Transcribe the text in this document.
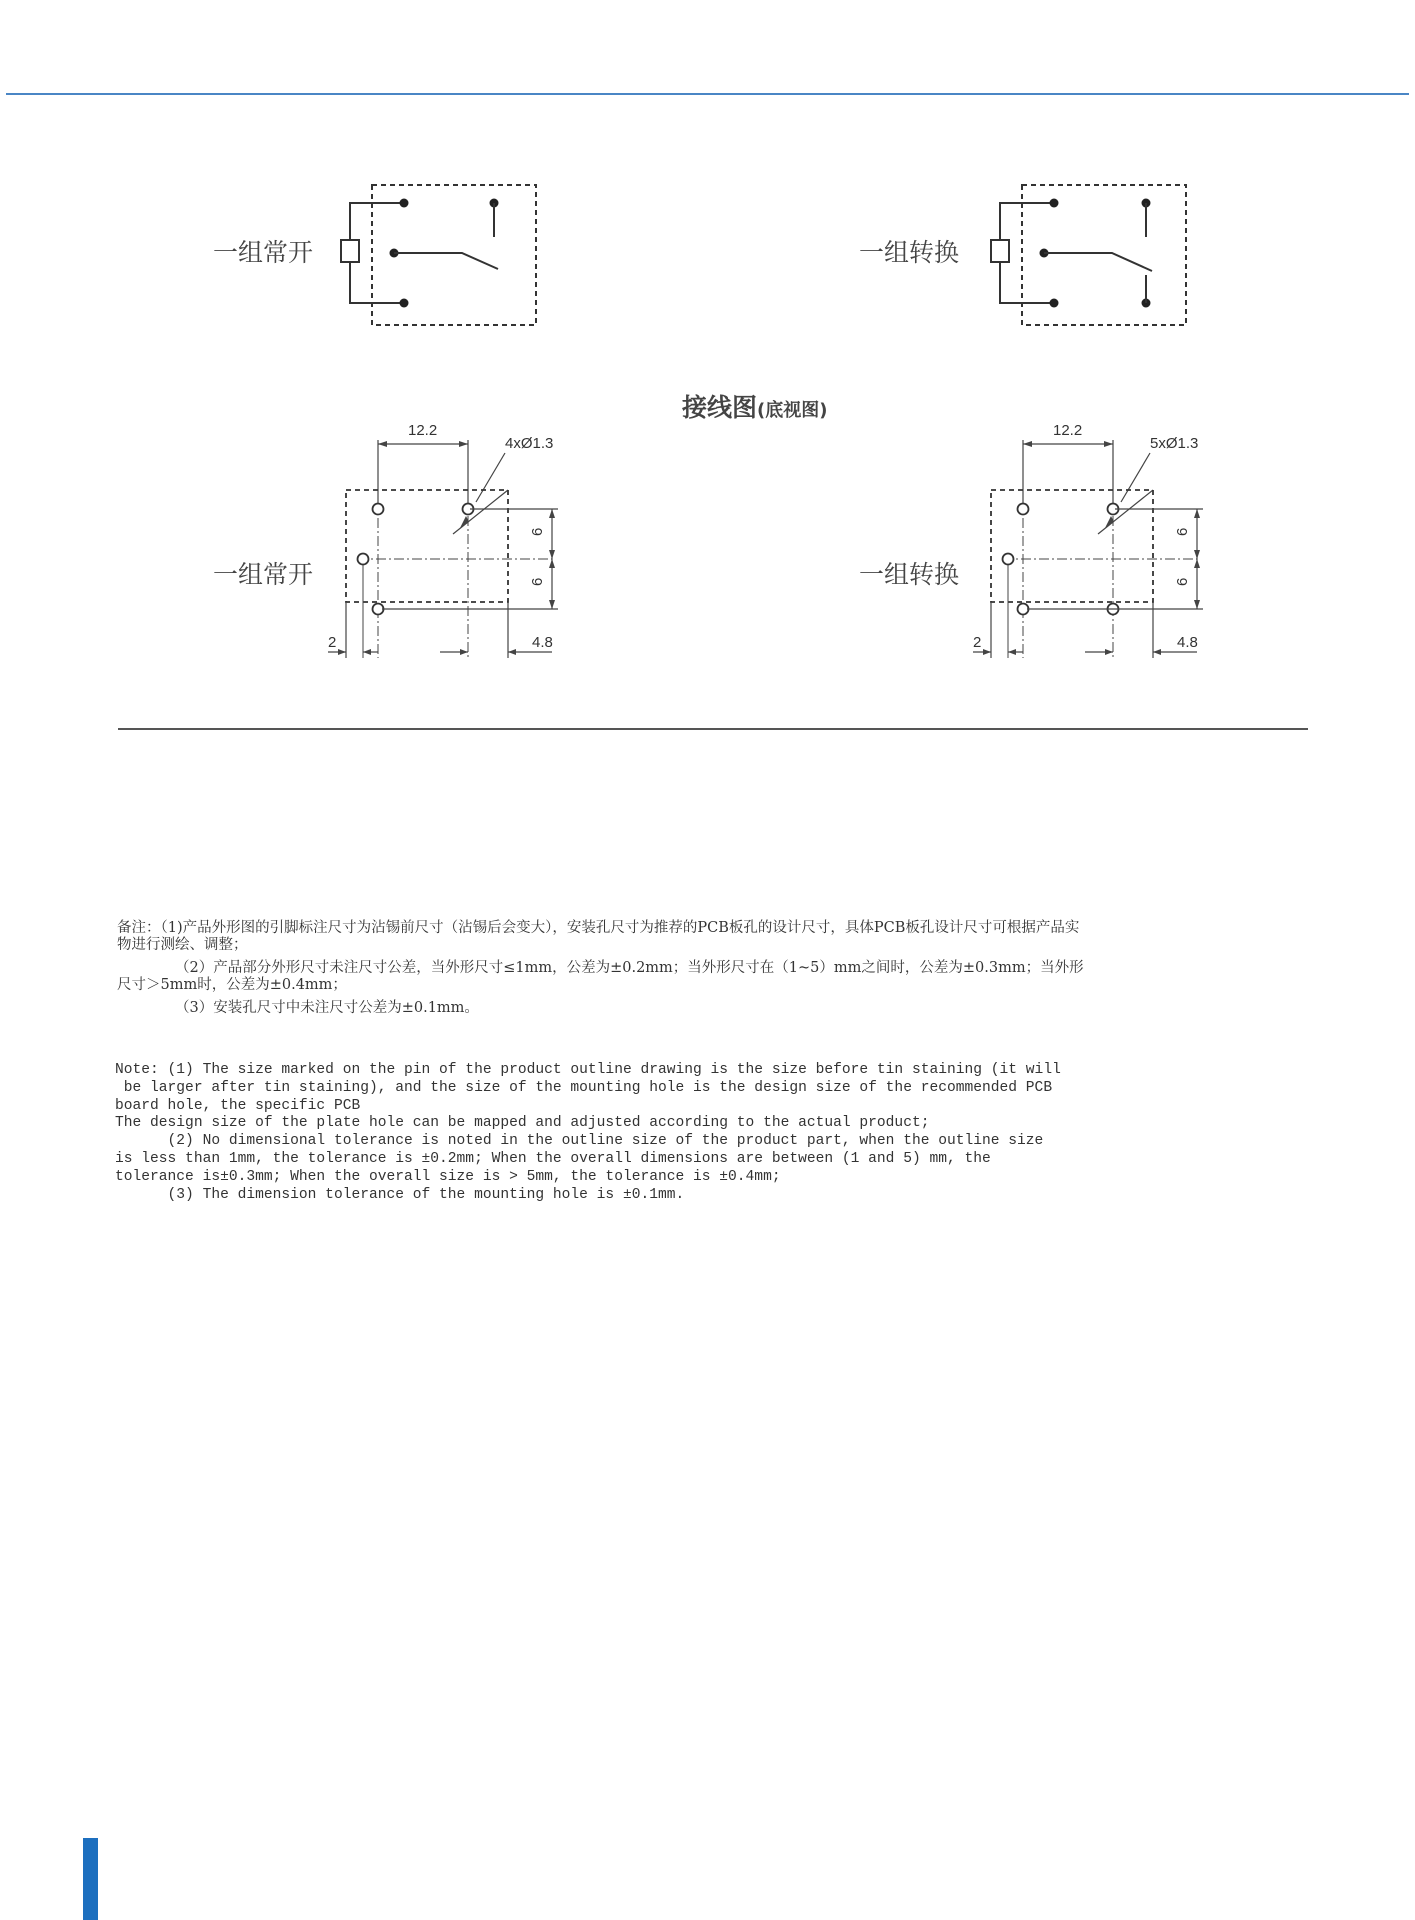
一组常开	一组转换
接线图(底视图)
一组常开
12.2
4xØ1.3
6
6
2	4.8
一组转换
12.2
5xØ1.3
6
6
2	4.8

备注：（1)产品外形图的引脚标注尺寸为沾锡前尺寸（沾锡后会变大），安装孔尺寸为推荐的PCB板孔的设计尺寸，具体PCB板孔设计尺寸可根据产品实物进行测绘、调整；

（2）产品部分外形尺寸未注尺寸公差，当外形尺寸≤1mm，公差为±0.2mm；当外形尺寸在（1~5）mm之间时，公差为±0.3mm；当外形尺寸＞5mm时，公差为±0.4mm；

（3）安装孔尺寸中未注尺寸公差为±0.1mm。

Note: (1) The size marked on the pin of the product outline drawing is the size before tin staining (it will
be larger after tin staining), and the size of the mounting hole is the design size of the recommended PCB
board hole, the specific PCB
The design size of the plate hole can be mapped and adjusted according to the actual product;
(2) No dimensional tolerance is noted in the outline size of the product part, when the outline size
is less than 1mm, the tolerance is ±0.2mm; When the overall dimensions are between (1 and 5) mm, the
tolerance is±0.3mm; When the overall size is > 5mm, the tolerance is ±0.4mm;
(3) The dimension tolerance of the mounting hole is ±0.1mm.
